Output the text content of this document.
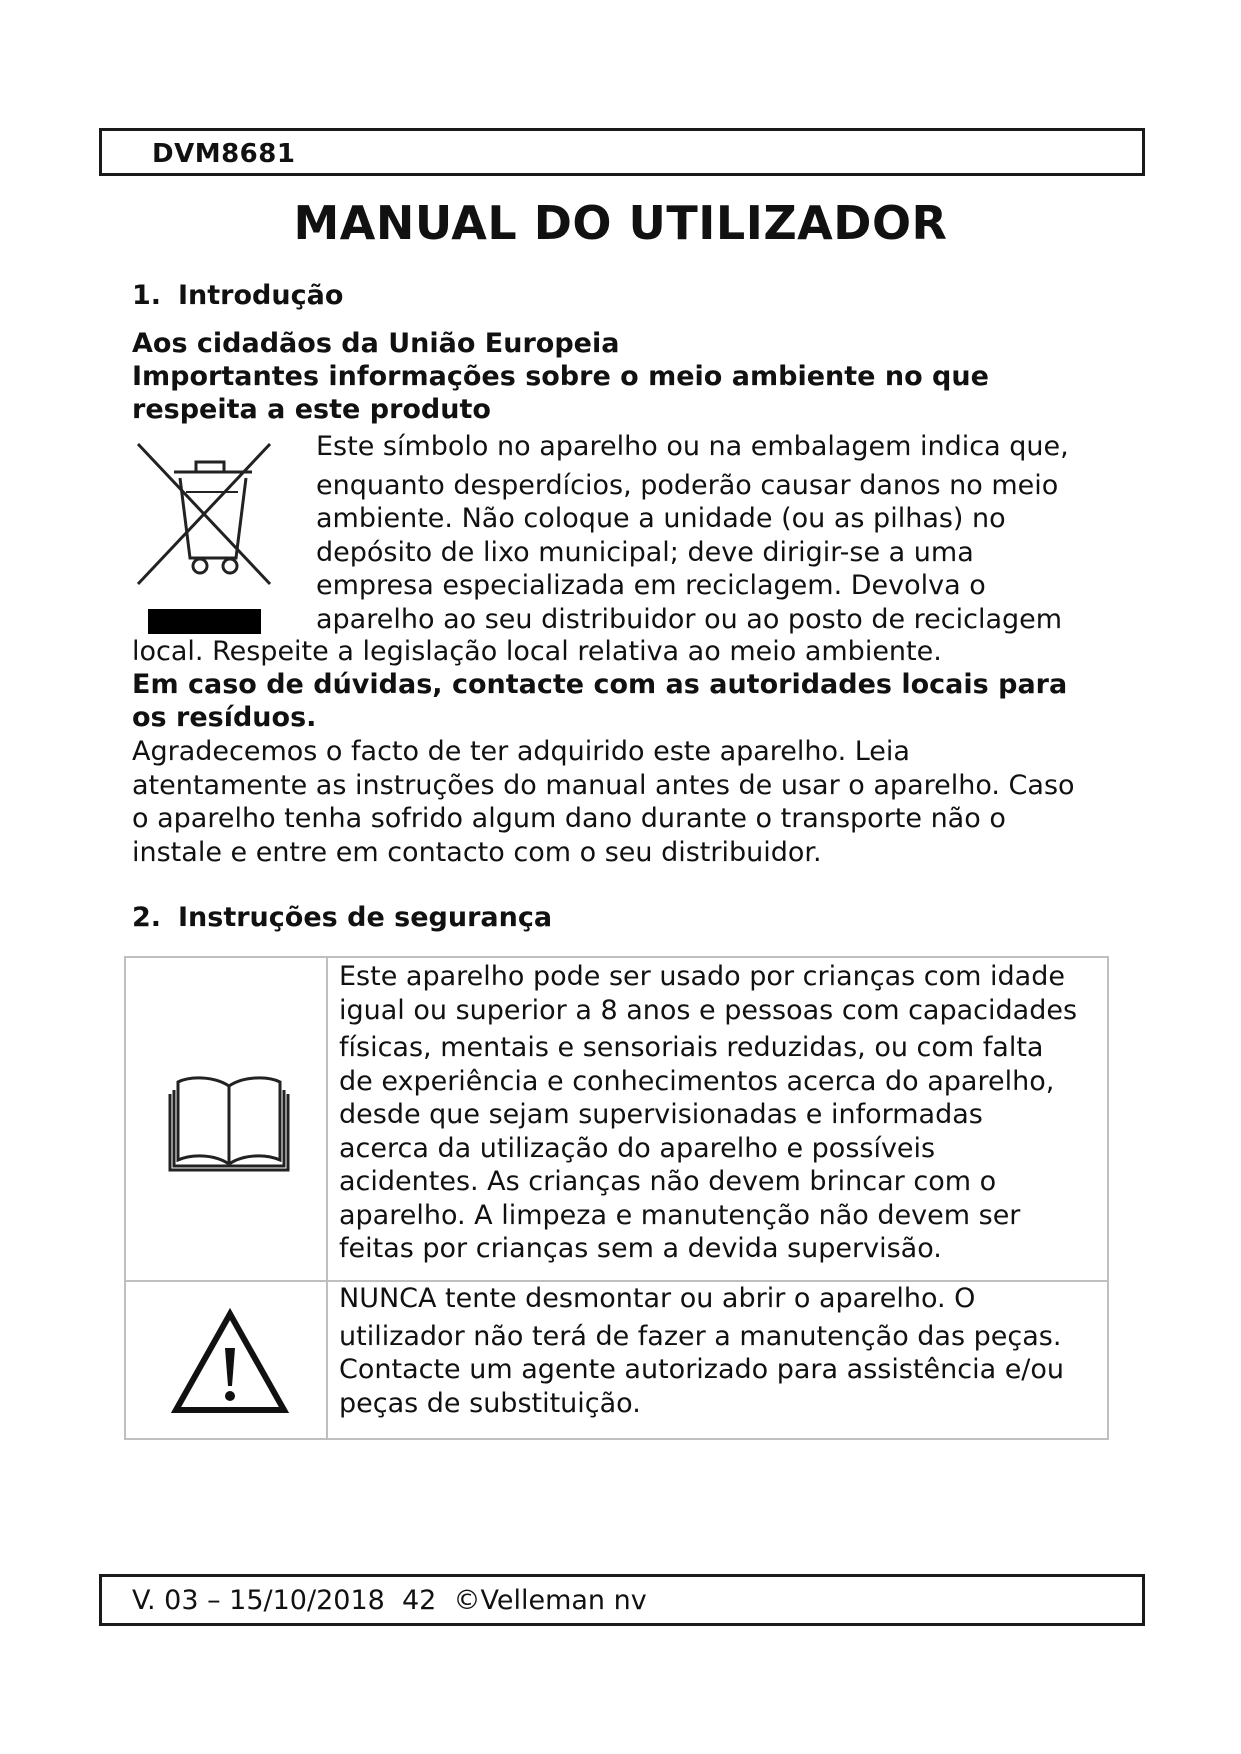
DVM8681
MANUAL DO UTILIZADOR
1. Introdução
Aos cidadãos da União Europeia
Importantes informações sobre o meio ambiente no que
respeita a este produto
Este símbolo no aparelho ou na embalagem indica que,
enquanto desperdícios, poderão causar danos no meio
ambiente. Não coloque a unidade (ou as pilhas) no
depósito de lixo municipal; deve dirigir-se a uma
empresa especializada em reciclagem. Devolva o
aparelho ao seu distribuidor ou ao posto de reciclagem
local. Respeite a legislação local relativa ao meio ambiente.
Em caso de dúvidas, contacte com as autoridades locais para
os resíduos.
Agradecemos o facto de ter adquirido este aparelho. Leia
atentamente as instruções do manual antes de usar o aparelho. Caso
o aparelho tenha sofrido algum dano durante o transporte não o
instale e entre em contacto com o seu distribuidor.
2. Instruções de segurança
Este aparelho pode ser usado por crianças com idade
igual ou superior a 8 anos e pessoas com capacidades
físicas, mentais e sensoriais reduzidas, ou com falta
de experiência e conhecimentos acerca do aparelho,
desde que sejam supervisionadas e informadas
acerca da utilização do aparelho e possíveis
acidentes. As crianças não devem brincar com o
aparelho. A limpeza e manutenção não devem ser
feitas por crianças sem a devida supervisão.
NUNCA tente desmontar ou abrir o aparelho. O
utilizador não terá de fazer a manutenção das peças.
Contacte um agente autorizado para assistência e/ou
peças de substituição.
V. 03 – 15/10/2018  42  ©Velleman nv
